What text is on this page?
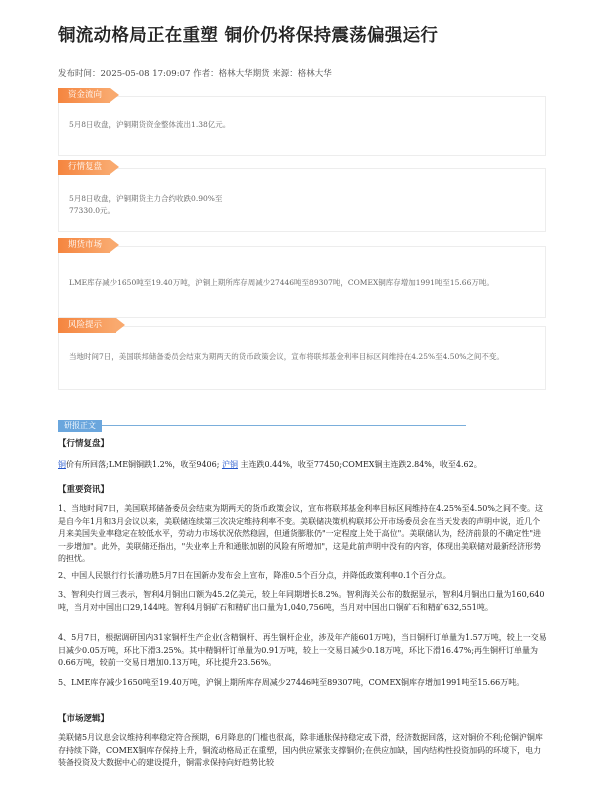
铜流动格局正在重塑 铜价仍将保持震荡偏强运行
发布时间：2025-05-08 17:09:07 作者：格林大华期货 来源：格林大华
资金流向
5月8日收盘，沪铜期货资金整体流出1.38亿元。
行情复盘
5月8日收盘，沪铜期货主力合约收跌0.90%至77330.0元。
期货市场
LME库存减少1650吨至19.40万吨，沪铜上期所库存周减少27446吨至89307吨，COMEX铜库存增加1991吨至15.66万吨。
风险提示
当地时间7日，美国联邦储备委员会结束为期两天的货币政策会议，宣布将联邦基金利率目标区间维持在4.25%至4.50%之间不变。
研报正文
【行情复盘】
铜价有所回落;LME铜铜跌1.2%，收至9406; 沪铜 主连跌0.44%，收至77450;COMEX铜主连跌2.84%，收至4.62。
【重要资讯】
1、当地时间7日，美国联邦储备委员会结束为期两天的货币政策会议，宣布将联邦基金利率目标区间维持在4.25%至4.50%之间不变。这是自今年1月和3月会议以来，美联储连续第三次决定维持利率不变。美联储决策机构联邦公开市场委员会在当天发表的声明中说，近几个月来美国失业率稳定在较低水平，劳动力市场状况依然稳固，但通货膨胀仍"一定程度上处于高位"。美联储认为，经济前景的不确定性"进一步增加"。此外，美联储还指出，"失业率上升和通胀加剧的风险有所增加"，这是此前声明中没有的内容，体现出美联储对最新经济形势的担忧。
2、中国人民银行行长潘功胜5月7日在国新办发布会上宣布，降准0.5个百分点，并降低政策利率0.1个百分点。
3、智利央行周三表示，智利4月铜出口额为45.2亿美元，较上年同期增长8.2%。智利海关公布的数据显示，智利4月铜出口量为160,640吨，当月对中国出口29,144吨。智利4月铜矿石和精矿出口量为1,040,756吨，当月对中国出口铜矿石和精矿632,551吨。
4、5月7日，根据调研国内31家铜杆生产企业(含精铜杆、再生铜杆企业，涉及年产能601万吨)，当日铜杆订单量为1.57万吨，较上一交易日减少0.05万吨，环比下滑3.25%。其中精铜杆订单量为0.91万吨，较上一交易日减少0.18万吨，环比下滑16.47%;再生铜杆订单量为0.66万吨，较前一交易日增加0.13万吨，环比提升23.56%。
5、LME库存减少1650吨至19.40万吨，沪铜上期所库存周减少27446吨至89307吨，COMEX铜库存增加1991吨至15.66万吨。
【市场逻辑】
美联储5月议息会议维持利率稳定符合预期，6月降息的门槛也很高，除非通胀保持稳定或下滑，经济数据回落，这对铜价不利;伦铜沪铜库存持续下降，COMEX铜库存保持上升，铜流动格局正在重塑，国内供应紧张支撑铜价;在供应加缺，国内结构性投资加码的环境下，电力装备投资及大数据中心的建设提升，铜需求保持向好趋势比较
